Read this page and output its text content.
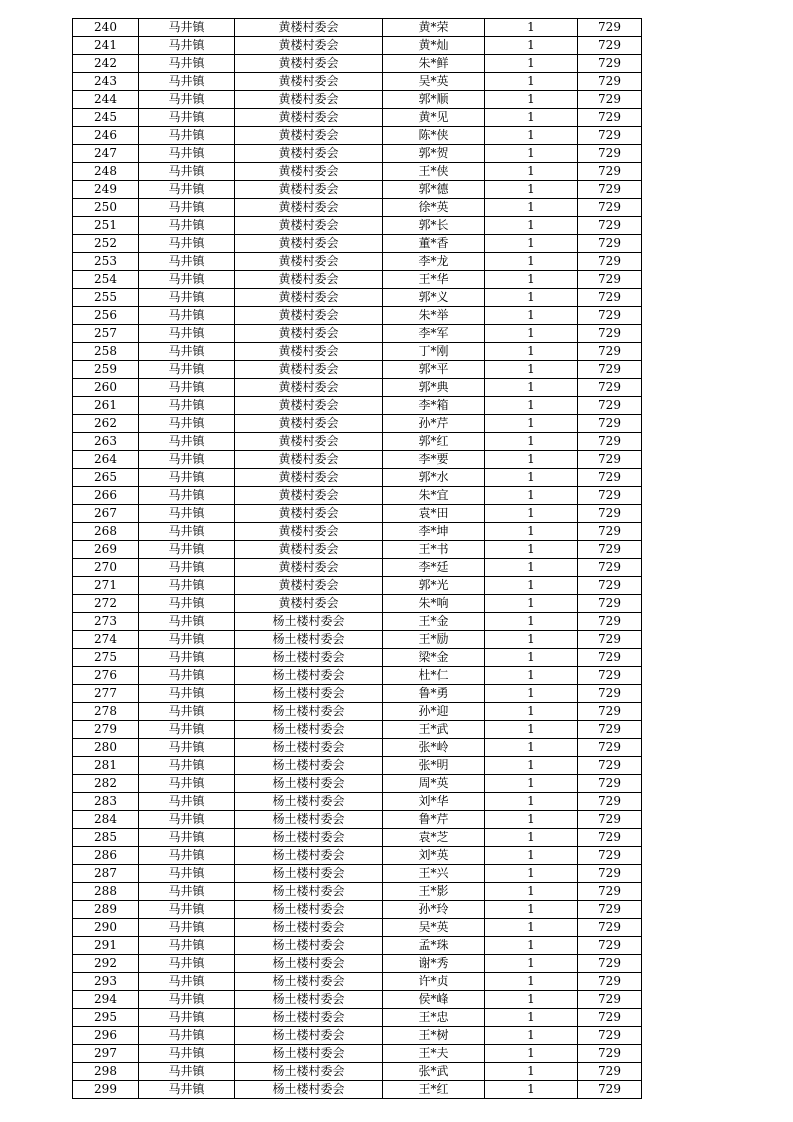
240	马井镇	黄楼村委会	黄*荣	1	729
241	马井镇	黄楼村委会	黄*灿	1	729
242	马井镇	黄楼村委会	朱*鲜	1	729
243	马井镇	黄楼村委会	吴*英	1	729
244	马井镇	黄楼村委会	郭*顺	1	729
245	马井镇	黄楼村委会	黄*见	1	729
246	马井镇	黄楼村委会	陈*侠	1	729
247	马井镇	黄楼村委会	郭*贺	1	729
248	马井镇	黄楼村委会	王*侠	1	729
249	马井镇	黄楼村委会	郭*德	1	729
250	马井镇	黄楼村委会	徐*英	1	729
251	马井镇	黄楼村委会	郭*长	1	729
252	马井镇	黄楼村委会	董*香	1	729
253	马井镇	黄楼村委会	李*龙	1	729
254	马井镇	黄楼村委会	王*华	1	729
255	马井镇	黄楼村委会	郭*义	1	729
256	马井镇	黄楼村委会	朱*举	1	729
257	马井镇	黄楼村委会	李*军	1	729
258	马井镇	黄楼村委会	丁*刚	1	729
259	马井镇	黄楼村委会	郭*平	1	729
260	马井镇	黄楼村委会	郭*典	1	729
261	马井镇	黄楼村委会	李*箱	1	729
262	马井镇	黄楼村委会	孙*芹	1	729
263	马井镇	黄楼村委会	郭*红	1	729
264	马井镇	黄楼村委会	李*要	1	729
265	马井镇	黄楼村委会	郭*水	1	729
266	马井镇	黄楼村委会	朱*宜	1	729
267	马井镇	黄楼村委会	袁*田	1	729
268	马井镇	黄楼村委会	李*坤	1	729
269	马井镇	黄楼村委会	王*书	1	729
270	马井镇	黄楼村委会	李*廷	1	729
271	马井镇	黄楼村委会	郭*光	1	729
272	马井镇	黄楼村委会	朱*响	1	729
273	马井镇	杨土楼村委会	王*金	1	729
274	马井镇	杨土楼村委会	王*励	1	729
275	马井镇	杨土楼村委会	梁*金	1	729
276	马井镇	杨土楼村委会	杜*仁	1	729
277	马井镇	杨土楼村委会	鲁*勇	1	729
278	马井镇	杨土楼村委会	孙*迎	1	729
279	马井镇	杨土楼村委会	王*武	1	729
280	马井镇	杨土楼村委会	张*岭	1	729
281	马井镇	杨土楼村委会	张*明	1	729
282	马井镇	杨土楼村委会	周*英	1	729
283	马井镇	杨土楼村委会	刘*华	1	729
284	马井镇	杨土楼村委会	鲁*芹	1	729
285	马井镇	杨土楼村委会	袁*芝	1	729
286	马井镇	杨土楼村委会	刘*英	1	729
287	马井镇	杨土楼村委会	王*兴	1	729
288	马井镇	杨土楼村委会	王*影	1	729
289	马井镇	杨土楼村委会	孙*玲	1	729
290	马井镇	杨土楼村委会	吴*英	1	729
291	马井镇	杨土楼村委会	孟*珠	1	729
292	马井镇	杨土楼村委会	谢*秀	1	729
293	马井镇	杨土楼村委会	许*贞	1	729
294	马井镇	杨土楼村委会	侯*峰	1	729
295	马井镇	杨土楼村委会	王*忠	1	729
296	马井镇	杨土楼村委会	王*树	1	729
297	马井镇	杨土楼村委会	王*夫	1	729
298	马井镇	杨土楼村委会	张*武	1	729
299	马井镇	杨土楼村委会	王*红	1	729
